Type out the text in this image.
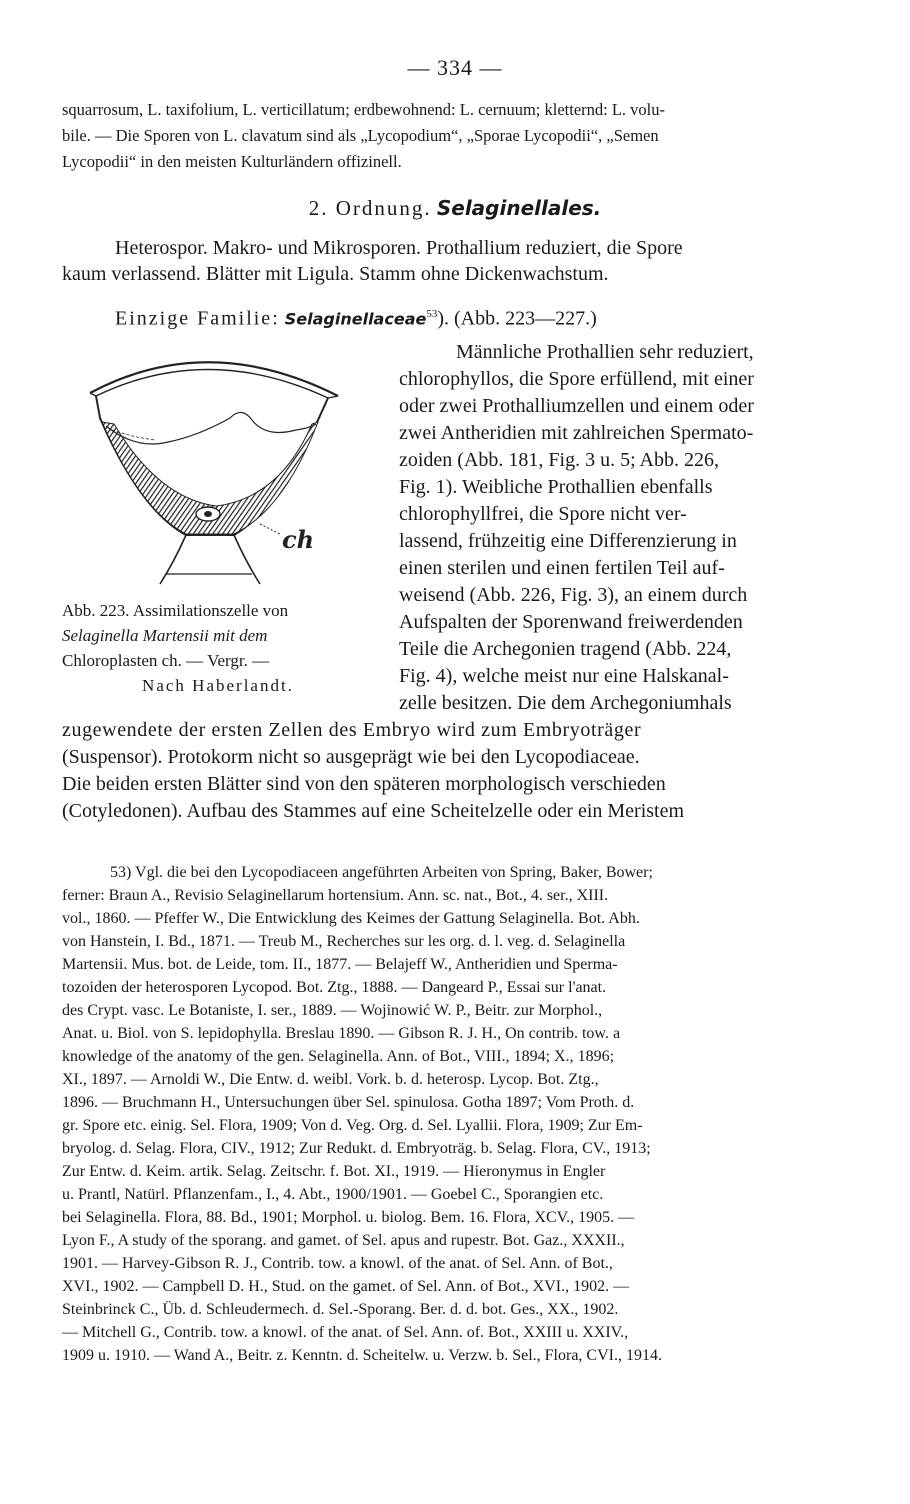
— 334 —
squarrosum, L. taxifolium, L. verticillatum; erdbewohnend: L. cernuum; kletternd: L. volu-
bile. — Die Sporen von L. clavatum sind als „Lycopodium“, „Sporae Lycopodii“, „Semen
Lycopodii“ in den meisten Kulturländern offizinell.
2. Ordnung. Selaginellales.
Heterospor. Makro- und Mikrosporen. Prothallium reduziert, die Spore
kaum verlassend. Blätter mit Ligula. Stamm ohne Dickenwachstum.
Einzige Familie: Selaginellaceae$^{53}$). (Abb. 223—227.)
ch
Abb. 223. Assimilationszelle von
Selaginella Martensii mit dem
Chloroplasten ch. — Vergr. —
Nach Haberlandt.
Männliche Prothallien sehr reduziert,
chlorophyllos, die Spore erfüllend, mit einer
oder zwei Prothalliumzellen und einem oder
zwei Antheridien mit zahlreichen Spermato-
zoiden (Abb. 181, Fig. 3 u. 5; Abb. 226,
Fig. 1). Weibliche Prothallien ebenfalls
chlorophyllfrei, die Spore nicht ver-
lassend, frühzeitig eine Differenzierung in
einen sterilen und einen fertilen Teil auf-
weisend (Abb. 226, Fig. 3), an einem durch
Aufspalten der Sporenwand freiwerdenden
Teile die Archegonien tragend (Abb. 224,
Fig. 4), welche meist nur eine Halskanal-
zelle besitzen. Die dem Archegoniumhals
zugewendete der ersten Zellen des Embryo wird zum Embryoträger
(Suspensor). Protokorm nicht so ausgeprägt wie bei den Lycopodiaceae.
Die beiden ersten Blätter sind von den späteren morphologisch verschieden
(Cotyledonen). Aufbau des Stammes auf eine Scheitelzelle oder ein Meristem
53) Vgl. die bei den Lycopodiaceen angeführten Arbeiten von Spring, Baker, Bower;
ferner: Braun A., Revisio Selaginellarum hortensium. Ann. sc. nat., Bot., 4. ser., XIII.
vol., 1860. — Pfeffer W., Die Entwicklung des Keimes der Gattung Selaginella. Bot. Abh.
von Hanstein, I. Bd., 1871. — Treub M., Recherches sur les org. d. l. veg. d. Selaginella
Martensii. Mus. bot. de Leide, tom. II., 1877. — Belajeff W., Antheridien und Sperma-
tozoiden der heterosporen Lycopod. Bot. Ztg., 1888. — Dangeard P., Essai sur l'anat.
des Crypt. vasc. Le Botaniste, I. ser., 1889. — Wojinowić W. P., Beitr. zur Morphol.,
Anat. u. Biol. von S. lepidophylla. Breslau 1890. — Gibson R. J. H., On contrib. tow. a
knowledge of the anatomy of the gen. Selaginella. Ann. of Bot., VIII., 1894; X., 1896;
XI., 1897. — Arnoldi W., Die Entw. d. weibl. Vork. b. d. heterosp. Lycop. Bot. Ztg.,
1896. — Bruchmann H., Untersuchungen über Sel. spinulosa. Gotha 1897; Vom Proth. d.
gr. Spore etc. einig. Sel. Flora, 1909; Von d. Veg. Org. d. Sel. Lyallii. Flora, 1909; Zur Em-
bryolog. d. Selag. Flora, CIV., 1912; Zur Redukt. d. Embryoträg. b. Selag. Flora, CV., 1913;
Zur Entw. d. Keim. artik. Selag. Zeitschr. f. Bot. XI., 1919. — Hieronymus in Engler
u. Prantl, Natürl. Pflanzenfam., I., 4. Abt., 1900/1901. — Goebel C., Sporangien etc.
bei Selaginella. Flora, 88. Bd., 1901; Morphol. u. biolog. Bem. 16. Flora, XCV., 1905. —
Lyon F., A study of the sporang. and gamet. of Sel. apus and rupestr. Bot. Gaz., XXXII.,
1901. — Harvey-Gibson R. J., Contrib. tow. a knowl. of the anat. of Sel. Ann. of Bot.,
XVI., 1902. — Campbell D. H., Stud. on the gamet. of Sel. Ann. of Bot., XVI., 1902. —
Steinbrinck C., Üb. d. Schleudermech. d. Sel.-Sporang. Ber. d. d. bot. Ges., XX., 1902.
— Mitchell G., Contrib. tow. a knowl. of the anat. of Sel. Ann. of. Bot., XXIII u. XXIV.,
1909 u. 1910. — Wand A., Beitr. z. Kenntn. d. Scheitelw. u. Verzw. b. Sel., Flora, CVI., 1914.
